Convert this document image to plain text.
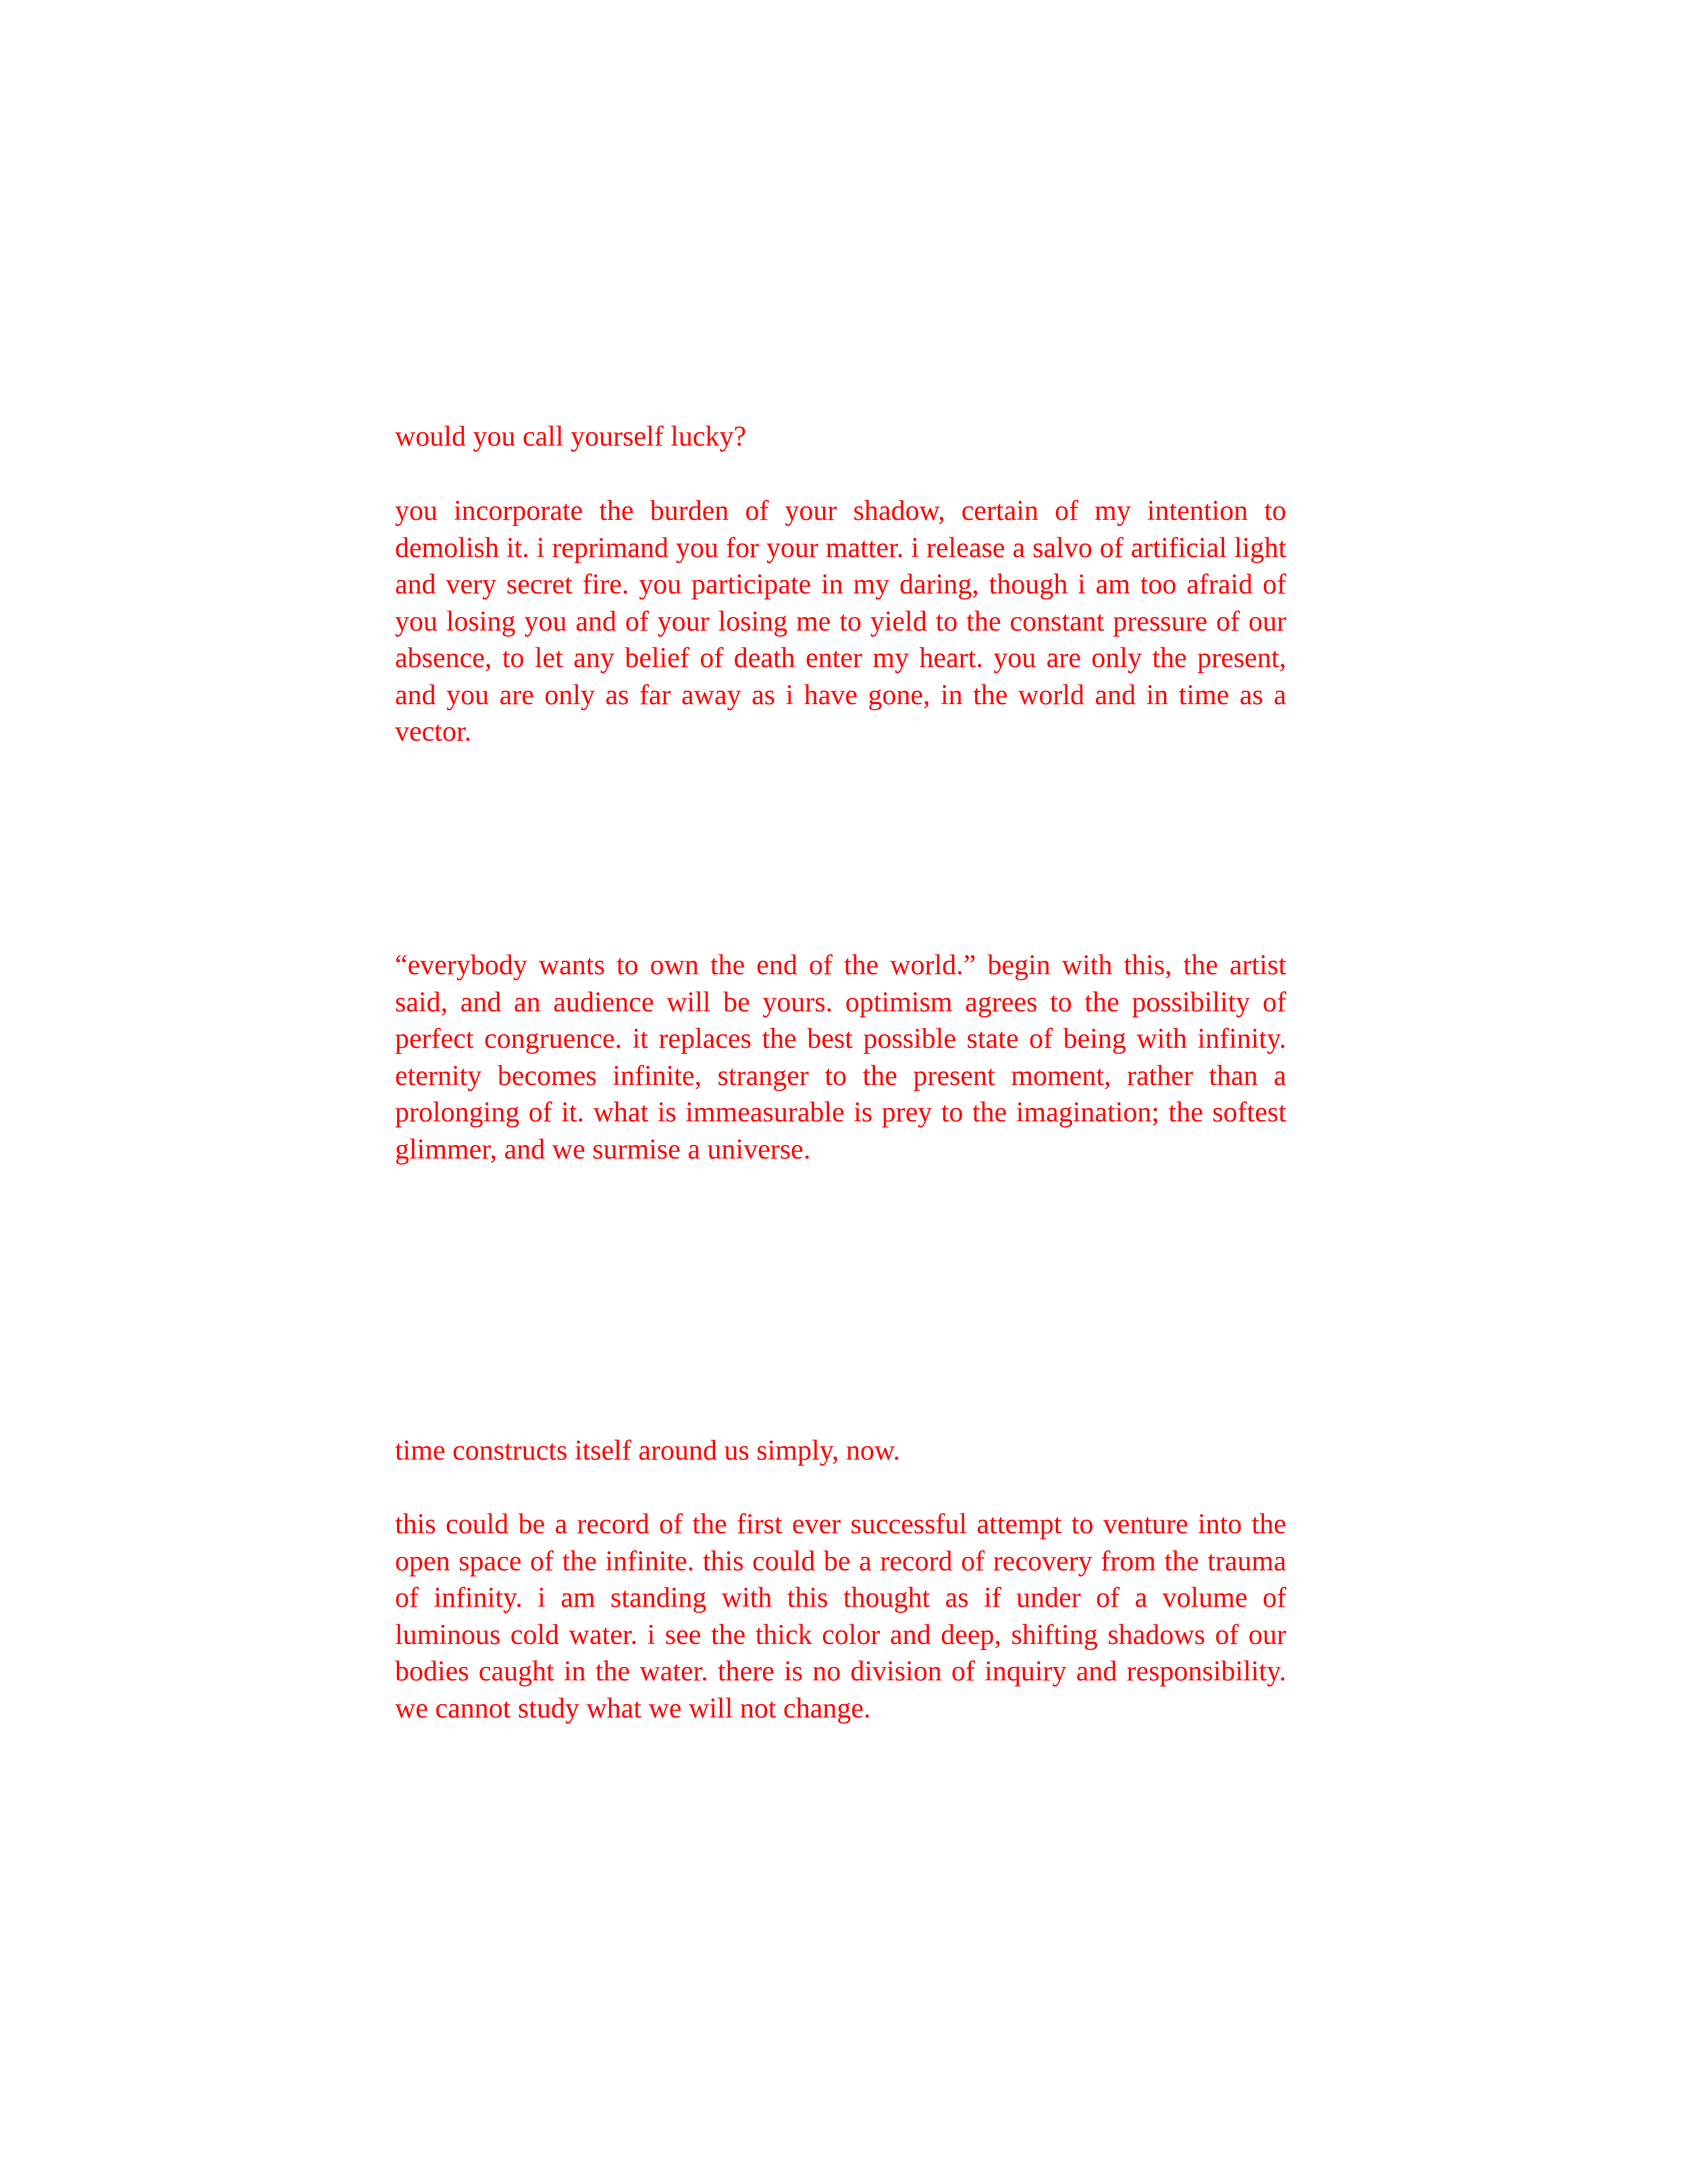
would you call yourself lucky?

you incorporate the burden of your shadow, certain of my intention to demolish it. i reprimand you for your matter. i release a salvo of artificial light and very secret fire. you participate in my daring, though i am too afraid of you losing you and of your losing me to yield to the constant pressure of our absence, to let any belief of death enter my heart. you are only the present, and you are only as far away as i have gone, in the world and in time as a vector.

“everybody wants to own the end of the world.” begin with this, the artist said, and an audience will be yours. optimism agrees to the possibility of perfect congruence. it replaces the best possible state of being with infinity. eternity becomes infinite, stranger to the present moment, rather than a prolonging of it. what is immeasurable is prey to the imagination; the softest glimmer, and we surmise a universe.

time constructs itself around us simply, now.

this could be a record of the first ever successful attempt to venture into the open space of the infinite. this could be a record of recovery from the trauma of infinity. i am standing with this thought as if under of a volume of luminous cold water. i see the thick color and deep, shifting shadows of our bodies caught in the water. there is no division of inquiry and responsibility. we cannot study what we will not change.
